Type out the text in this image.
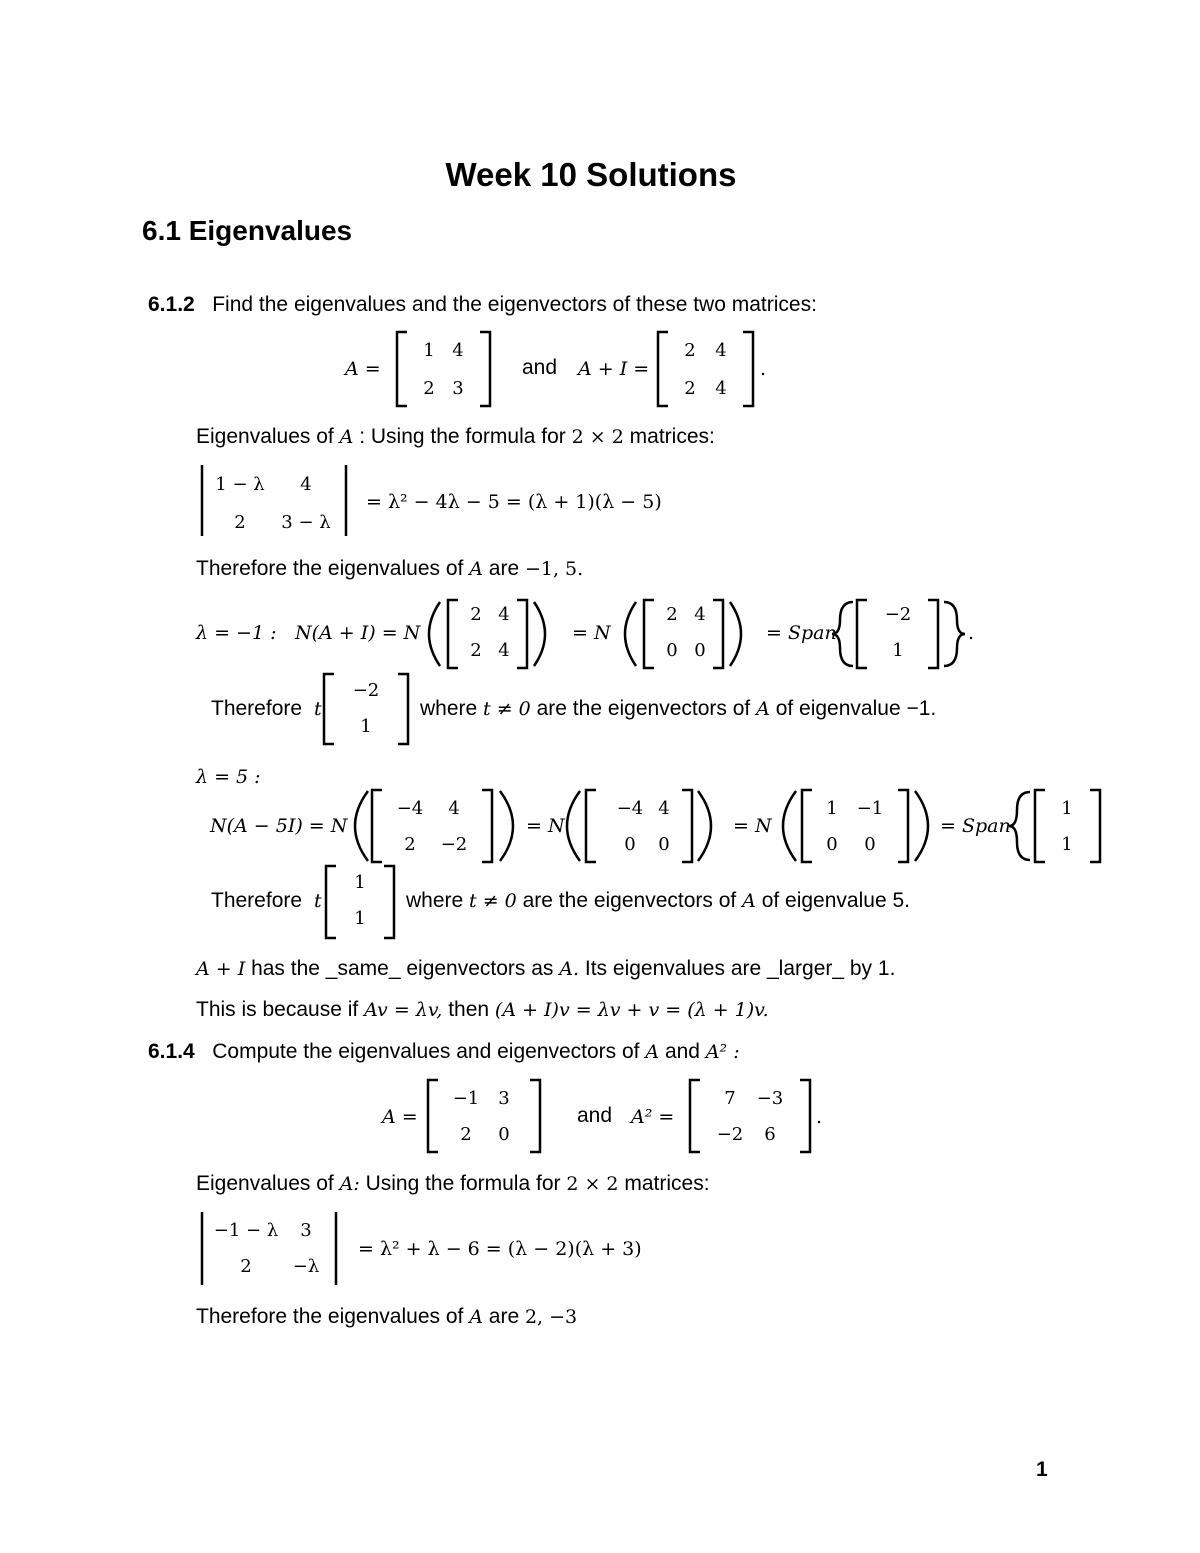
Week 10 Solutions
6.1 Eigenvalues
6.1.2 Find the eigenvalues and the eigenvectors of these two matrices:
A =
1 4
2 3
and A + I =
2	4
2	4
.
Eigenvalues of A : Using the formula for 2 × 2 matrices:
1 − λ	4
2	3 − λ
= λ² − 4λ − 5 = (λ + 1)(λ − 5)
Therefore the eigenvalues of A are −1, 5.
λ = −1 : N(A + I) = N
2 4
2 4
= N
2 4
0 0
= Span
−2
1
.
Therefore t
−2
1
where t ≠ 0 are the eigenvectors of A of eigenvalue −1.
λ = 5 :
N(A − 5I) = N
−4	4
2	−2
= N
−4 4
0	0
= N
1	−1
0	0
= Span
1
1
Therefore t
1
1
where t ≠ 0 are the eigenvectors of A of eigenvalue 5.
A + I has the _same_ eigenvectors as A. Its eigenvalues are _larger_ by 1.
This is because if Av = λv, then (A + I)v = λv + v = (λ + 1)v.
6.1.4 Compute the eigenvalues and eigenvectors of A and A² :
A =
−1	3
2	0
and A² =
7	−3
−2	6
.
Eigenvalues of A: Using the formula for 2 × 2 matrices:
−1 − λ	3
2	−λ
= λ² + λ − 6 = (λ − 2)(λ + 3)
Therefore the eigenvalues of A are 2, −3
1
